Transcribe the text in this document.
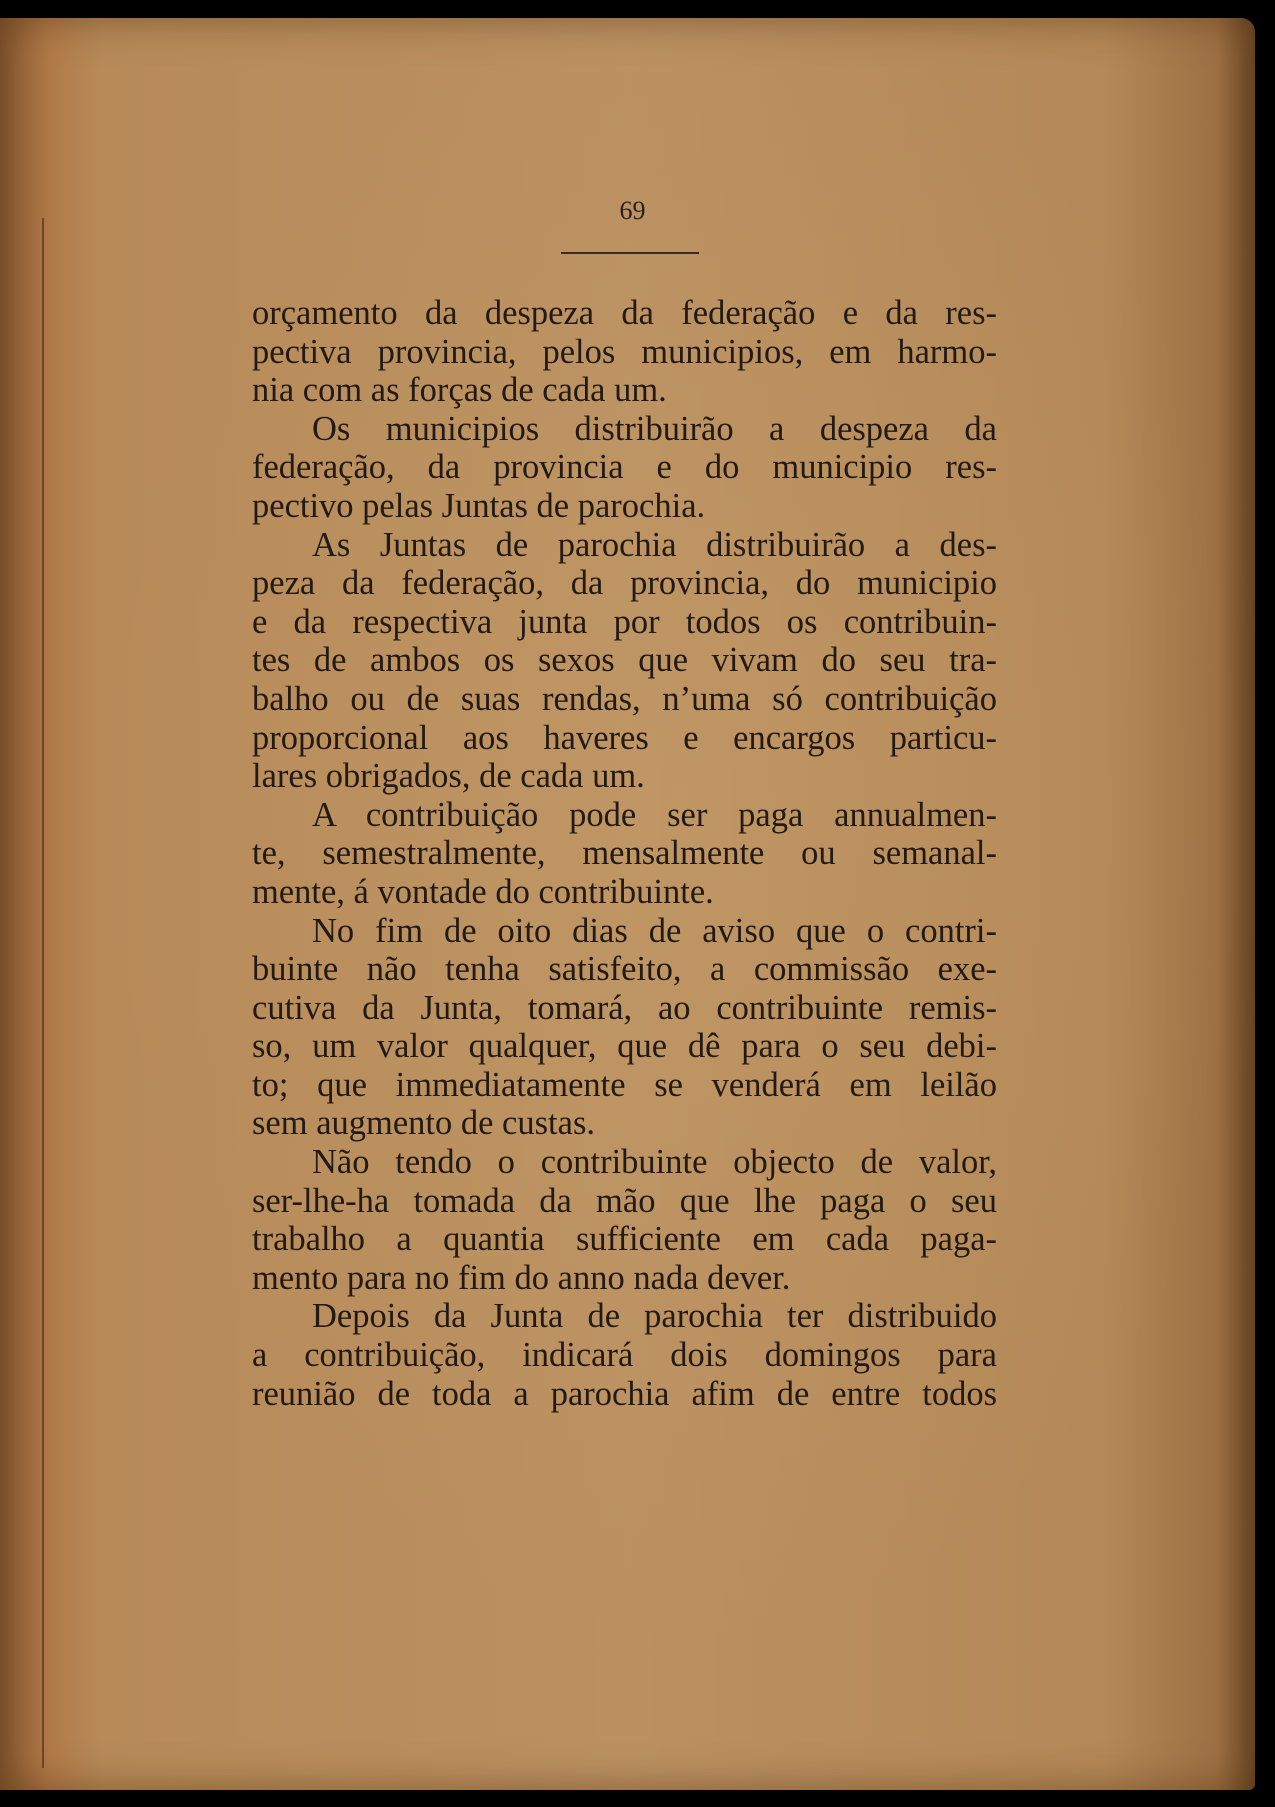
69

orçamento da despeza da federação e da res-
pectiva provincia, pelos municipios, em harmo-
nia com as forças de cada um.
Os municipios distribuirão a despeza da
federação, da provincia e do municipio res-
pectivo pelas Juntas de parochia.
As Juntas de parochia distribuirão a des-
peza da federação, da provincia, do municipio
e da respectiva junta por todos os contribuin-
tes de ambos os sexos que vivam do seu tra-
balho ou de suas rendas, n’uma só contribuição
proporcional aos haveres e encargos particu-
lares obrigados, de cada um.
A contribuição pode ser paga annualmen-
te, semestralmente, mensalmente ou semanal-
mente, á vontade do contribuinte.
No fim de oito dias de aviso que o contri-
buinte não tenha satisfeito, a commissão exe-
cutiva da Junta, tomará, ao contribuinte remis-
so, um valor qualquer, que dê para o seu debi-
to; que immediatamente se venderá em leilão
sem augmento de custas.
Não tendo o contribuinte objecto de valor,
ser-lhe-ha tomada da mão que lhe paga o seu
trabalho a quantia sufficiente em cada paga-
mento para no fim do anno nada dever.
Depois da Junta de parochia ter distribuido
a contribuição, indicará dois domingos para
reunião de toda a parochia afim de entre todos
